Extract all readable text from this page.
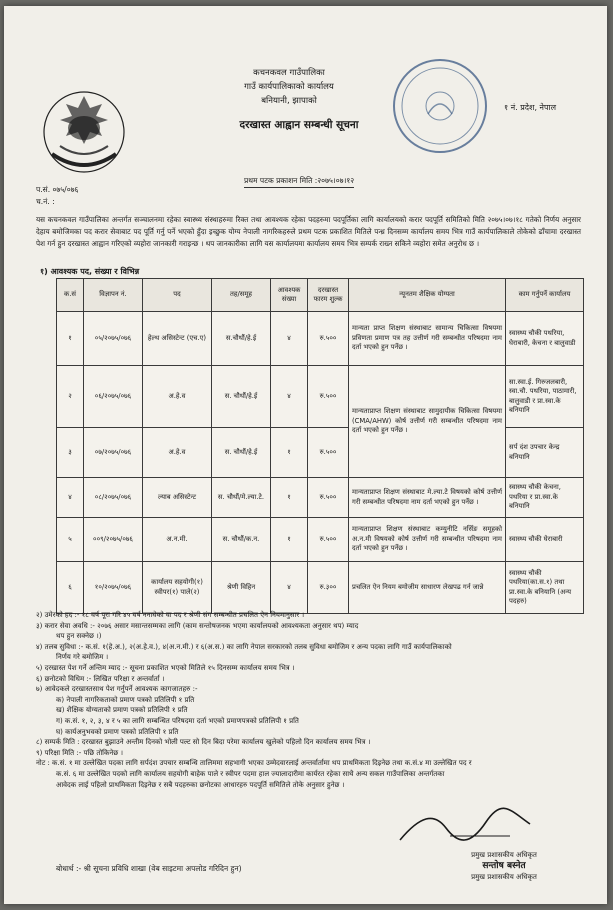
कचनकवल गाउँपालिका
गाउँ कार्यपालिकाको कार्यालय
बनियानी, झापाको
दरखास्त आह्वान सम्बन्धी सूचना
१ नं. प्रदेश, नेपाल
प.सं. ०७५/०७६
च.नं. :
प्रथम पटक प्रकाशन मिति :२०७५।०७।१२
यस कचनकवल गाउँपालिका अन्तर्गत सञ्चालनमा रहेका स्वास्थ्य संस्थाहरुमा रिक्त तथा आवश्यक रहेका पदहरुमा पदपूर्तिका लागि कार्यालयको करार पदपूर्ति समितिको मिति २०७५।०७।१८ गतेको निर्णय अनुसार देहाय बमोजिमका पद करार सेवाबाट पद पूर्ति गर्नु पर्ने भएको हुँदा इच्छुक योग्य नेपाली नागरिकहरुले प्रथम पटक प्रकाशित मितिले पन्ध्र दिनसम्म कार्यालय समय भित्र गाउँ कार्यपालिकाले तोकेको ढाँचामा दरखास्त पेश गर्न हुन दरखास्त आह्वान गरिएको व्यहोरा जानकारी गराइन्छ । थप जानकारीका लागि यस कार्यालयमा कार्यालय समय भित्र सम्पर्क राख्न सकिने व्यहोरा समेत अनुरोध छ ।
१) आवश्यक पद, संख्या र विभिन्न
क.सं	विज्ञापन नं.	पद	तह/समूह	आवश्यक संख्या	दरखास्त फारम शुल्क	न्यूनतम शैक्षिक योग्यता	काम गर्नुपर्ने कार्यालय
१	०५/२०७५/०७६	हेल्थ असिस्टेन्ट (एच.ए)	स.चौथौं/हे.ई	४	रु.५००	मान्यता प्राप्त शिक्षण संस्थाबाट सामान्य चिकित्सा विषयमा प्रविणता प्रमाण पत्र तह उत्तीर्ण गरी सम्बन्धीत परिषदमा नाम दर्ता भएको हुन पर्नेछ ।	स्वास्थ्य चौकी पथरिया, घेराबारी, केचना र बालुवाडी
२	०६/२०७५/०७६	अ.हे.व	स. चौथौं/हे.ई	४	रु.५००	मान्यताप्राप्त शिक्षण संस्थाबाट सामुदायीक चिकित्सा विषयमा (CMA/AHW) कोर्ष उत्तीर्ण गरी सम्बन्धीत परिषदमा नाम दर्ता भएको हुन पर्नेछ ।	सा.स्वा.ई. गिरुजलबारी, स्वा.चौ. पथरिया, पाठामारी, बालुवाडी र प्रा.स्वा.के बनियानि
३	०७/२०७५/०७६	अ.हे.व	स. चौथौं/हे.ई	१	रु.५००		सर्प दंश उपचार केन्द्र बनियानि
४	०८/२०७५/०७६	ल्याब असिस्टेन्ट	स. चौथौं/मे.ल्या.टे.	१	रु.५००	मान्यताप्राप्त शिक्षण संस्थाबाट मे.ल्या.टे विषयको कोर्ष उत्तीर्ण गरी सम्बन्धीत परिषदमा नाम दर्ता भएको हुन पर्नेछ ।	स्वास्थ्य चौकी केचना, पथरिया र प्रा.स्वा.के बनियानि
५	००९/२०७५/०७६	अ.न.मी.	स. चौथौं/क.न.	१	रु.५००	मान्यताप्राप्त शिक्षण संस्थाबाट कम्युनीटि नर्सिङ समूहको अ.न.मी विषयको कोर्ष उत्तीर्ण गरी सम्बन्धीत परिषदमा नाम दर्ता भएको हुन पर्नेछ ।	स्वास्थ्य चौकी घेराबारी
६	१०/२०७५/०७६	कार्यालय सहयोगी(१) स्वीपर(१) पाले(२)	श्रेणी विहिन	४	रु.३००	प्रचलित ऐन नियम बमोजीम साधारण लेखपढ गर्न जान्ने	स्वास्थ्य चौकी पथरिया(का.स.१) तथा प्रा.स्वा.के बनियानि (अन्य पदहरु)
२) उमेरको हद :- १८ वर्ष पूरा गरि ४५ वर्ष ननाघेको वा पद र श्रेणी संग सम्बन्धीत प्रचलित ऐन नियमानुसार ।
३) करार सेवा अवधि :- २०७६ असार मसान्तसम्मका लागि (काम सन्तोषजनक भएमा कार्यालयको आवश्यकता अनुसार थप) म्याद
थप हुन सक्नेछ ।)
४) तलब सुविधा :- क.सं. १(हे.अ.), २(अ.हे.व.), ४(अ.न.मी.) र ६(अ.स.) का लागि नेपाल सरकारको तलब सुविधा बमोजिम र अन्य पदका लागि गाउँ कार्यपालिकाको
निर्णय गरे बमोजिम ।
५) दरखास्त पेश गर्ने अन्तिम म्याद :- सूचना प्रकाशित भएको मितिले १५ दिनसम्म कार्यालय समय भित्र ।
६) छनोटको विधिम :- लिखित परिक्षा र अन्तर्वार्ता ।
७) आवेदकले दरखास्तसाथ पेश गर्नुपर्ने आवश्यक कागजातहरु :-
क) नेपाली नागरिकताको प्रमाण पत्रको प्रतिलिपी १ प्रति
ख) शैक्षिक योग्यताको प्रमाण पत्रको प्रतिलिपी १ प्रति
ग) क.सं. १, २, ३, ४ र ५ का लागि सम्बन्धित परिषदमा दर्ता भएको प्रमाणपत्रको प्रतिलिपी १ प्रति
घ) कार्यअनुभवको प्रमाण पत्रको प्रतिलिपी १ प्रति
८) सम्पर्क मिति : दरखास्त बुझाउने अन्तीम दिनको भोली पल्ट सो दिन बिदा परेमा कार्यालय खुलेको पहिलो दिन कार्यालय समय भित्र ।
९) परिक्षा मिति :- पछि तोकिनेछ ।
नोट : क.सं. १ मा उल्लेखित पदका लागि सर्पदंश उपचार सम्बन्धि तालिममा सहभागी भएका उम्मेदवारलाई अन्तर्वार्तामा थप प्राथमिकता दिइनेछ तथा क.सं.४ मा उल्लेखित पद र
क.सं. ६ मा उल्लेखित पदको लागि कार्यालय सहयोगी बाहेक पाले र स्वीपर पदमा हाल ज्यालादारीमा कार्यरत रहेका साथै अन्य सकल गाउँपालिका अन्तर्गतका
आवेदक लाई पहिलो प्राथमिकता दिइनेछ र सबै पदहरुका छनोटका आधारहरु पदपूर्ति समितिले तोके अनुसार हुनेछ ।
प्रमुख प्रशासकीय अधिकृत
सन्तोष बस्नेत
प्रमुख प्रशासकीय अधिकृत
बोधार्थ :- श्री सूचना प्रविधि शाखा (वेब साइटमा अपलोड गरिदिन हुन)
